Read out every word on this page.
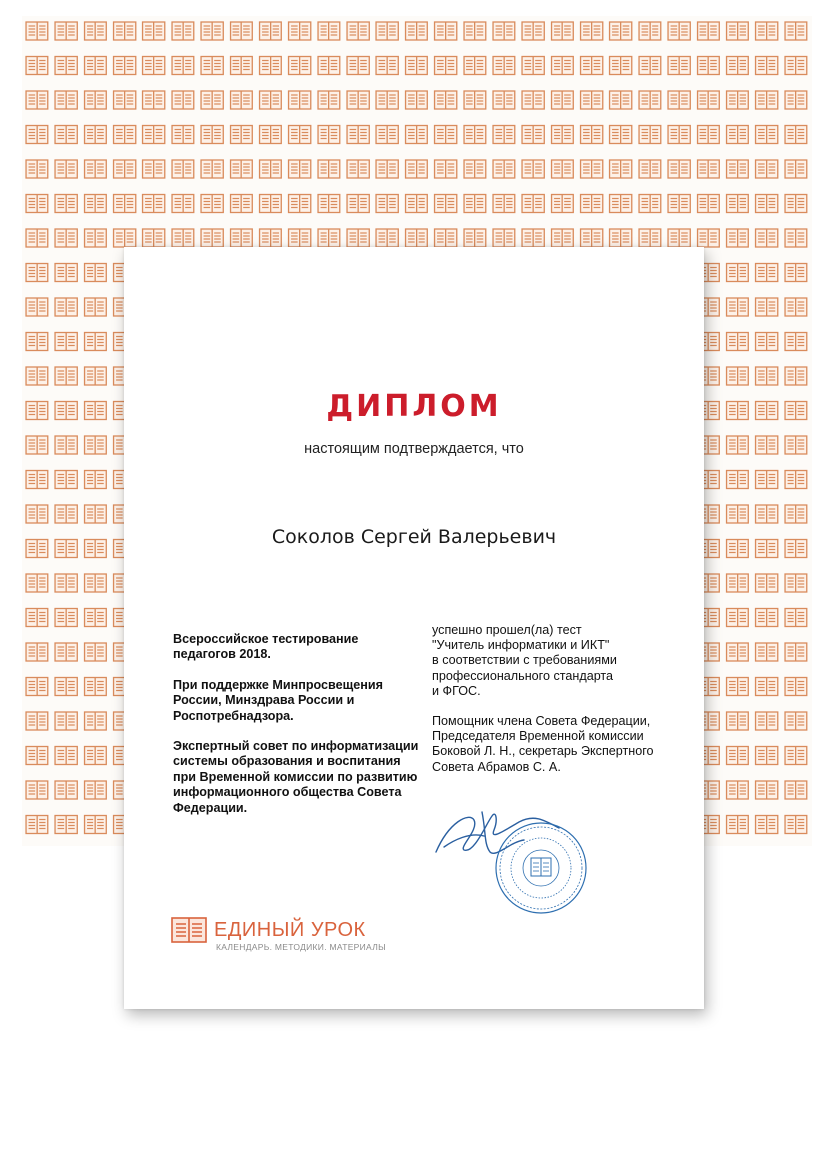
ДИПЛОМ
настоящим подтверждается, что
Соколов Сергей Валерьевич

Всероссийское тестирование педагогов 2018.

При поддержке Минпросвещения России, Минздрава России и Роспотребнадзора.

Экспертный совет по информатизации системы образования и воспитания при Временной комиссии по развитию информационного общества Совета Федерации.

успешно прошел(ла) тест
"Учитель информатики и ИКТ"
в соответствии с требованиями
профессионального стандарта
и ФГОС.

Помощник члена Совета Федерации,
Председателя Временной комиссии
Боковой Л. Н., секретарь Экспертного
Совета Абрамов С. А.

ЕДИНЫЙ УРОК
КАЛЕНДАРЬ. МЕТОДИКИ. МАТЕРИАЛЫ
